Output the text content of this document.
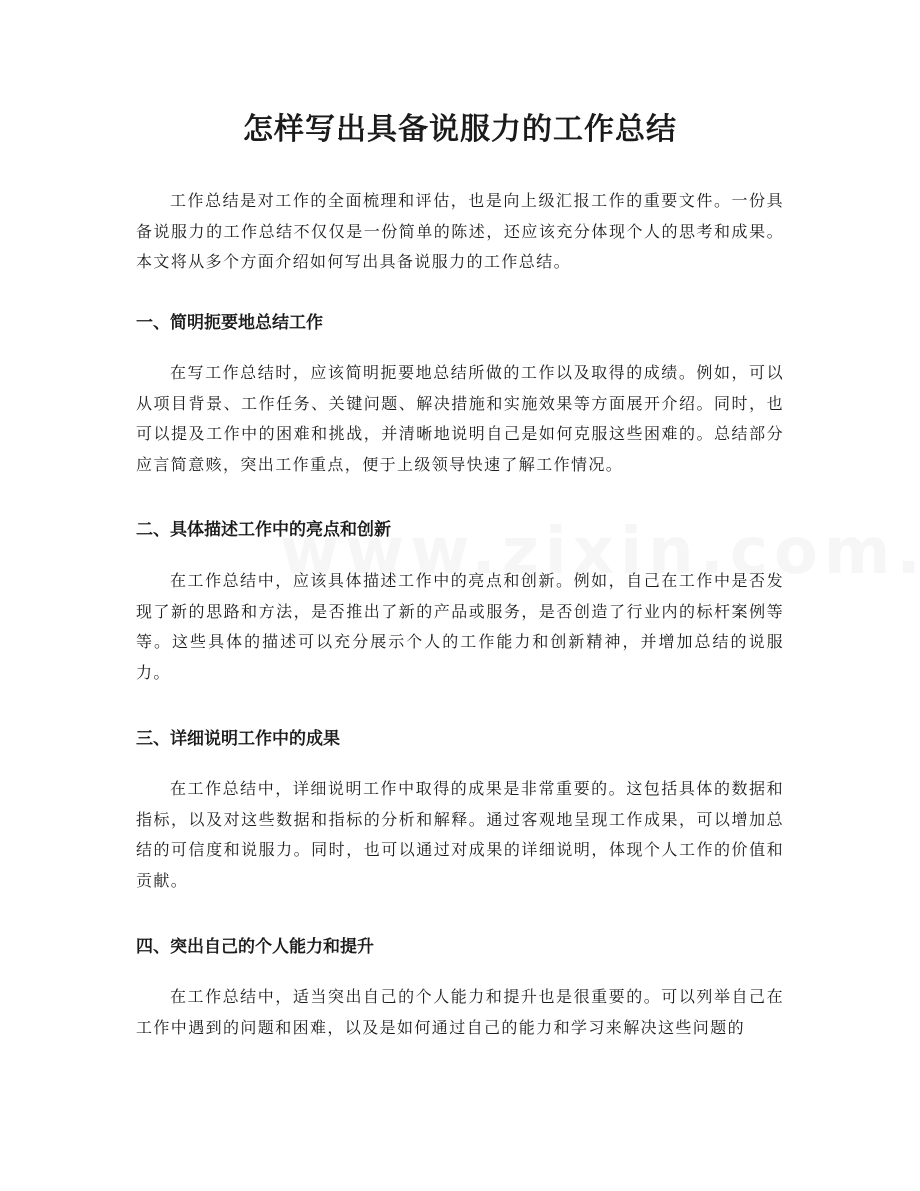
怎样写出具备说服力的工作总结

工作总结是对工作的全面梳理和评估，也是向上级汇报工作的重要文件。一份具备说服力的工作总结不仅仅是一份简单的陈述，还应该充分体现个人的思考和成果。本文将从多个方面介绍如何写出具备说服力的工作总结。

一、简明扼要地总结工作

在写工作总结时，应该简明扼要地总结所做的工作以及取得的成绩。例如，可以从项目背景、工作任务、关键问题、解决措施和实施效果等方面展开介绍。同时，也可以提及工作中的困难和挑战，并清晰地说明自己是如何克服这些困难的。总结部分应言简意赅，突出工作重点，便于上级领导快速了解工作情况。

二、具体描述工作中的亮点和创新

在工作总结中，应该具体描述工作中的亮点和创新。例如，自己在工作中是否发现了新的思路和方法，是否推出了新的产品或服务，是否创造了行业内的标杆案例等等。这些具体的描述可以充分展示个人的工作能力和创新精神，并增加总结的说服力。

三、详细说明工作中的成果

在工作总结中，详细说明工作中取得的成果是非常重要的。这包括具体的数据和指标，以及对这些数据和指标的分析和解释。通过客观地呈现工作成果，可以增加总结的可信度和说服力。同时，也可以通过对成果的详细说明，体现个人工作的价值和贡献。

四、突出自己的个人能力和提升

在工作总结中，适当突出自己的个人能力和提升也是很重要的。可以列举自己在工作中遇到的问题和困难，以及是如何通过自己的能力和学习来解决这些问题的
